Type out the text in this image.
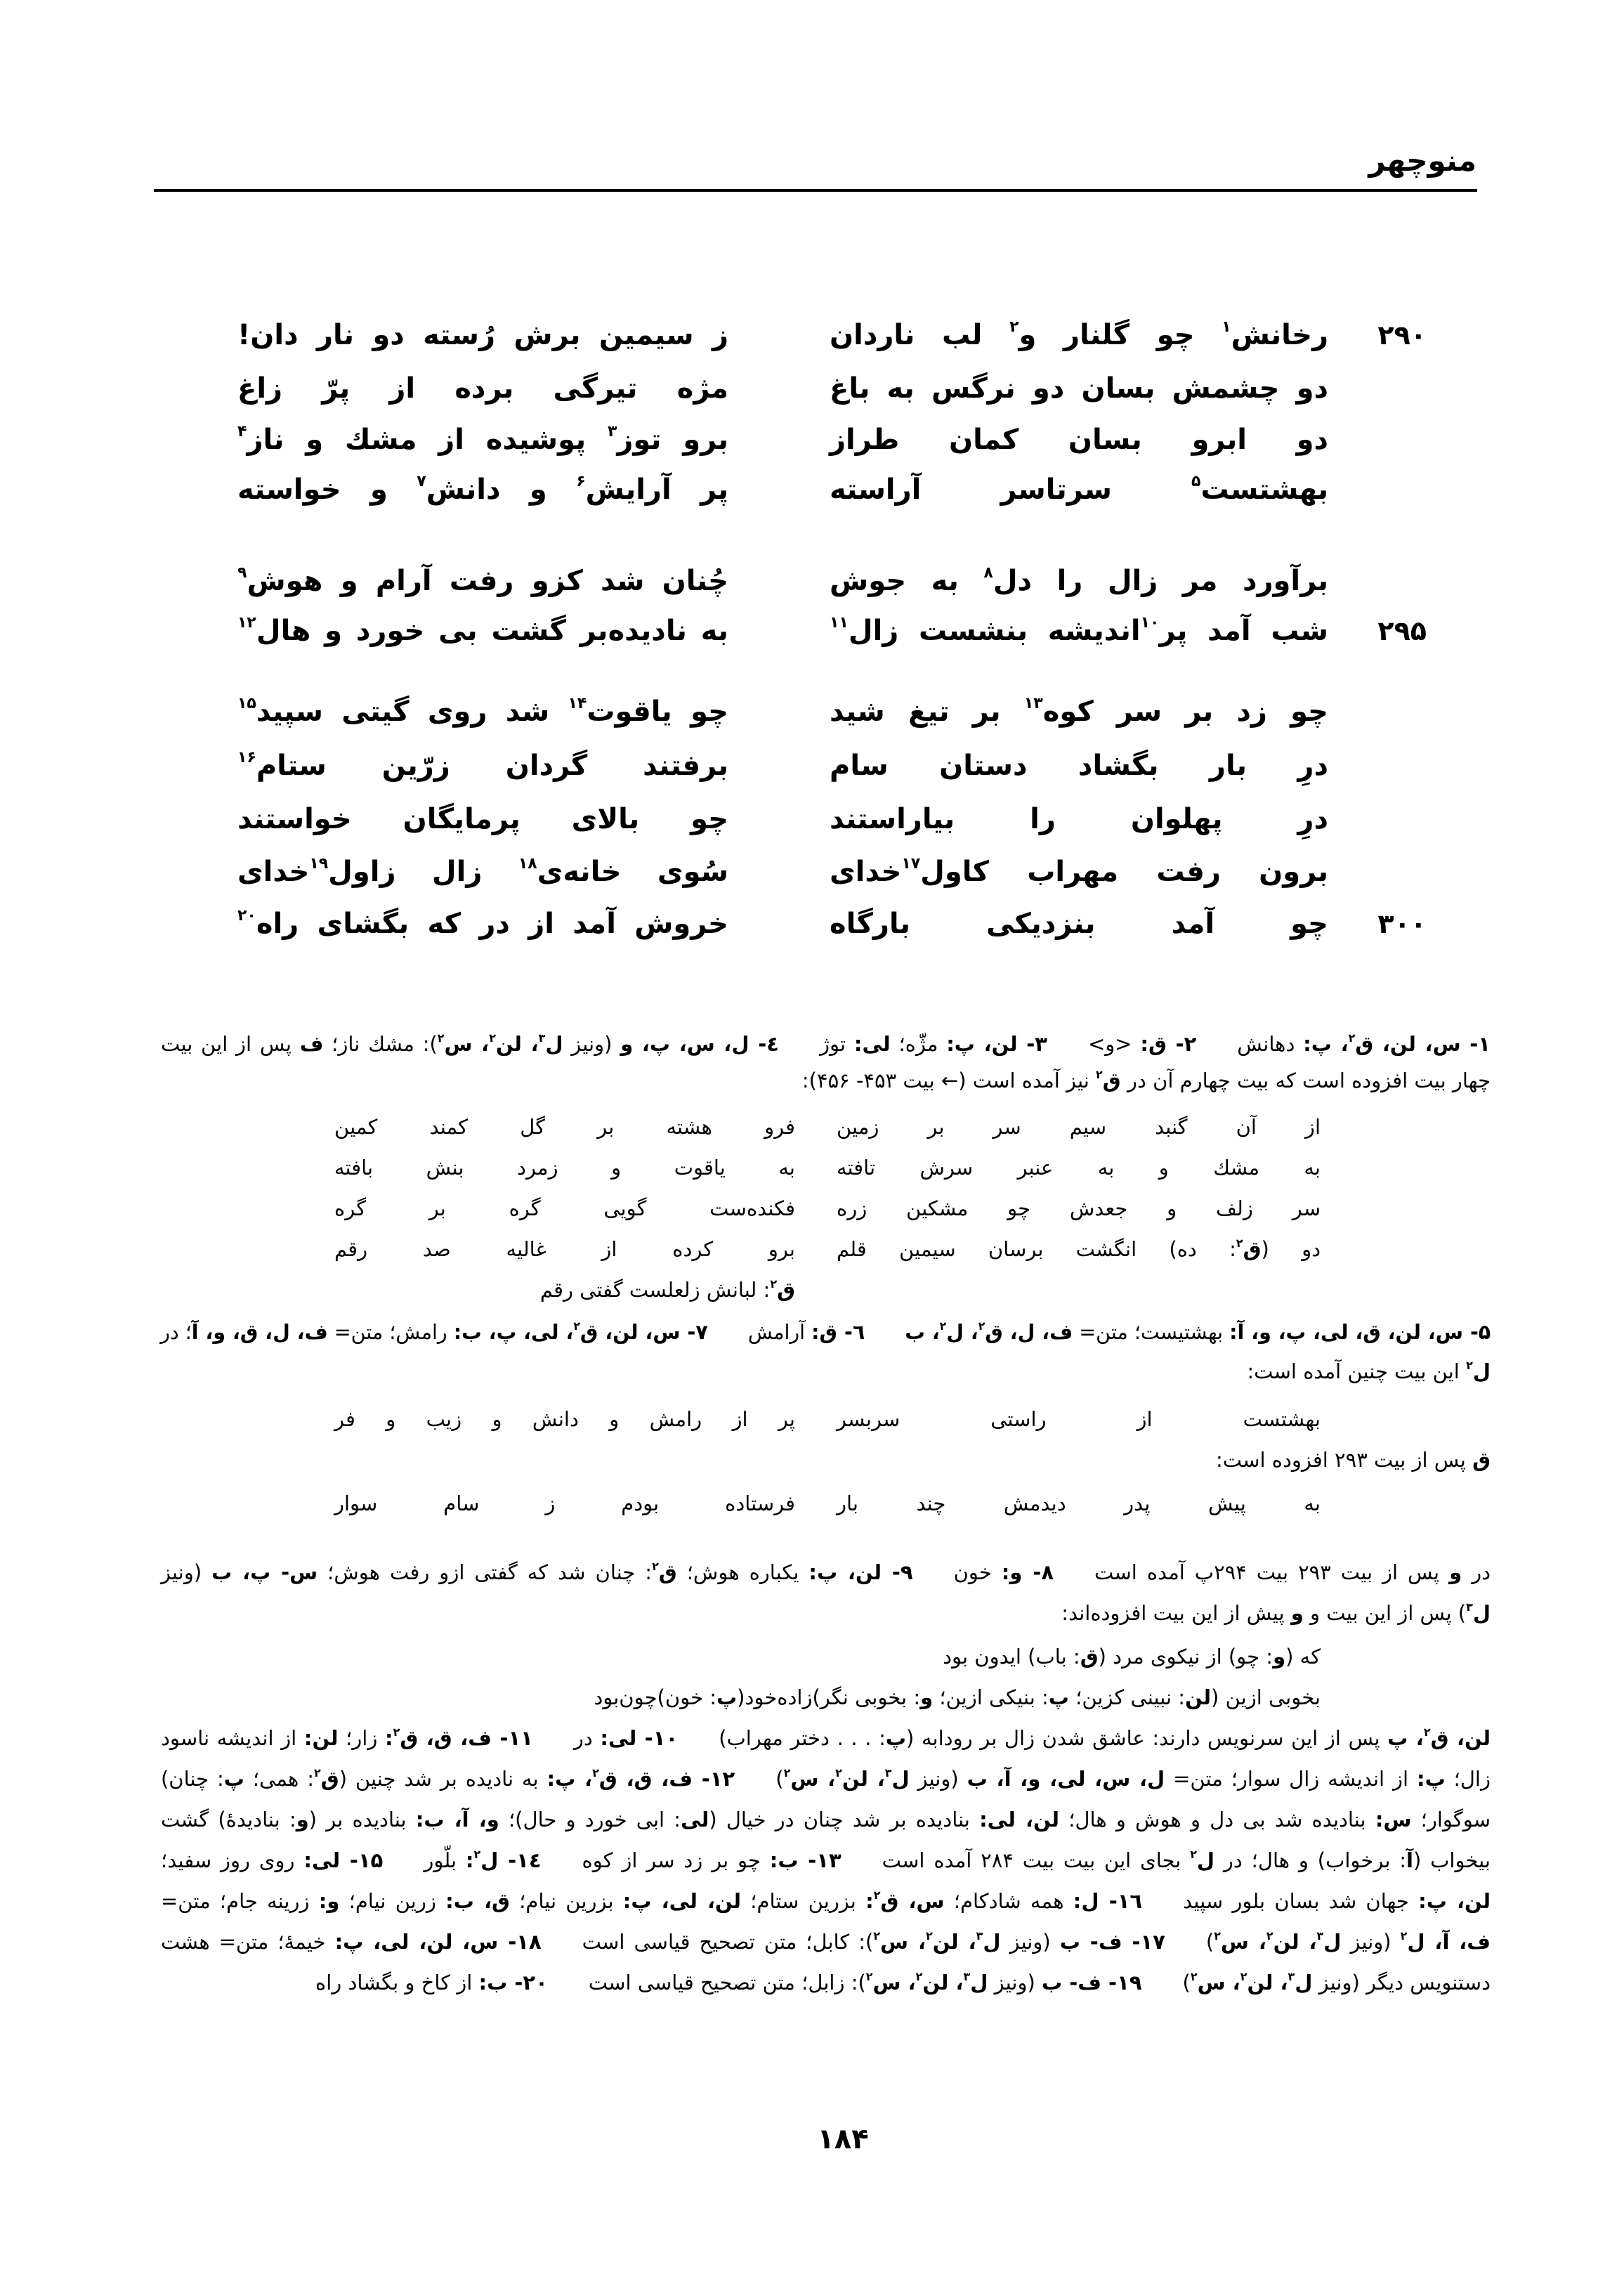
منوچهر
۲۹۰
رخانش$^۱$ چو گلنار و$^۲$ لب ناردان
ز سیمین برش رُسته دو نار دان!
دو چشمش بسان دو نرگس به باغ
مژه تیرگی برده از پرّ زاغ
دو ابرو بسان کمان طراز
برو توز$^۳$ پوشیده از مشك و ناز$^۴$
بهشتست$^۵$ سرتاسر آراسته
پر آرایش$^۶$ و دانش$^۷$ و خواسته
برآورد مر زال را دل$^۸$ به جوش
چُنان شد کزو رفت آرام و هوش$^۹$
۲۹۵
شب آمد پر$^{۱۰}$اندیشه بنشست زال$^{۱۱}$
به نادیده‌بر گشت بی خورد و هال$^{۱۲}$
چو زد بر سر کوه$^{۱۳}$ بر تیغ شید
چو یاقوت$^{۱۴}$ شد روی گیتی سپید$^{۱۵}$
درِ بار بگشاد دستان سام
برفتند گردان زرّین ستام$^{۱۶}$
درِ پهلوان را بیاراستند
چو بالای پرمایگان خواستند
برون رفت مهراب کاول$^{۱۷}$خدای
سُوی خانه‌ی$^{۱۸}$ زال زاول$^{۱۹}$خدای
۳۰۰
چو آمد بنزدیکی بارگاه
خروش آمد از در که بگشای راه$^{۲۰}$
۱- س، لن، ق$^۲$، پ: دهانش  ۲- ق: <و>  ۳- لن، پ: مژّه؛ لی: توژ  ٤- ل، س، پ، و (ونیز ل$^۳$، لن$^۲$، س$^۲$): مشك ناز؛ ف پس از این بیت
چهار بیت افزوده است که بیت چهارم آن در ق$^۲$ نیز آمده است (← بیت ۴۵۳- ۴۵۶):
از آن گنبد سیم سر بر زمین
فرو هشته بر گل کمند کمین
به مشك و به عنبر سرش تافته
به یاقوت و زمرد بنش بافته
سر زلف و جعدش چو مشکین زره
فکنده‌ست گویی گره بر گره
دو (ق$^۲$: ده) انگشت برسان سیمین قلم
برو کرده از غالیه صد رقم
ق$^۲$: لبانش زلعلست گفتی رقم
۵- س، لن، ق، لی، پ، و، آ: بهشتیست؛ متن= ف، ل، ق$^۲$، ل$^۲$، ب  ٦- ق: آرامش  ۷- س، لن، ق$^۲$، لی، پ، ب: رامش؛ متن= ف، ل، ق، و، آ؛ در
ل$^۲$ این بیت چنین آمده است:
بهشتست از راستی سربسر
پر از رامش و دانش و زیب و فر
ق پس از بیت ۲۹۳ افزوده است:
به پیش پدر دیدمش چند بار
فرستاده بودم ز سام سوار
در و پس از بیت ۲۹۳ بیت ۲۹۴پ آمده است  ۸- و: خون  ۹- لن، پ: یکباره هوش؛ ق$^۲$: چنان شد که گفتی ازو رفت هوش؛ س- پ، ب (ونیز
ل$^۳$) پس از این بیت و و پیش از این بیت افزوده‌اند:
که (و: چو) از نیکوی مرد (ق: باب) ایدون بود
بخوبی ازین (لن: نبینی کزین؛ پ: بنیکی ازین؛ و: بخوبی نگر)زاده‌خود(پ: خون)چون‌بود
لن، ق$^۲$، پ پس از این سرنویس دارند: عاشق شدن زال بر رودابه (پ: . . . دختر مهراب)  ۱۰- لی: در  ۱۱- ف، ق، ق$^۲$: زار؛ لن: از اندیشه ناسود
زال؛ پ: از اندیشه زال سوار؛ متن= ل، س، لی، و، آ، ب (ونیز ل$^۳$، لن$^۲$، س$^۲$)  ۱۲- ف، ق، ق$^۲$، پ: به نادیده بر شد چنین (ق$^۲$: همی؛ پ: چنان)
سوگوار؛ س: بنادیده شد بی دل و هوش و هال؛ لن، لی: بنادیده بر شد چنان در خیال (لی: ابی خورد و حال)؛ و، آ، ب: بنادیده بر (و: بنادیدهٔ) گشت
بیخواب (آ: برخواب) و هال؛ در ل$^۲$ بجای این بیت بیت ۲۸۴ آمده است  ۱۳- ب: چو بر زد سر از کوه  ١٤- ل$^۲$: بلّور  ۱۵- لی: روی روز سفید؛
لن، پ: جهان شد بسان بلور سپید  ١٦- ل: همه شادکام؛ س، ق$^۲$: بزرین ستام؛ لن، لی، پ: بزرین نیام؛ ق، ب: زرین نیام؛ و: زرینه جام؛ متن=
ف، آ، ل$^۲$ (ونیز ل$^۳$، لن$^۲$، س$^۲$)  ۱۷- ف- ب (ونیز ل$^۳$، لن$^۲$، س$^۲$): کابل؛ متن تصحیح قیاسی است  ۱۸- س، لن، لی، پ: خیمهٔ؛ متن= هشت
دستنویس دیگر (ونیز ل$^۳$، لن$^۲$، س$^۲$)  ۱۹- ف- ب (ونیز ل$^۳$، لن$^۲$، س$^۲$): زابل؛ متن تصحیح قیاسی است  ۲۰- ب: از کاخ و بگشاد راه
۱۸۴
